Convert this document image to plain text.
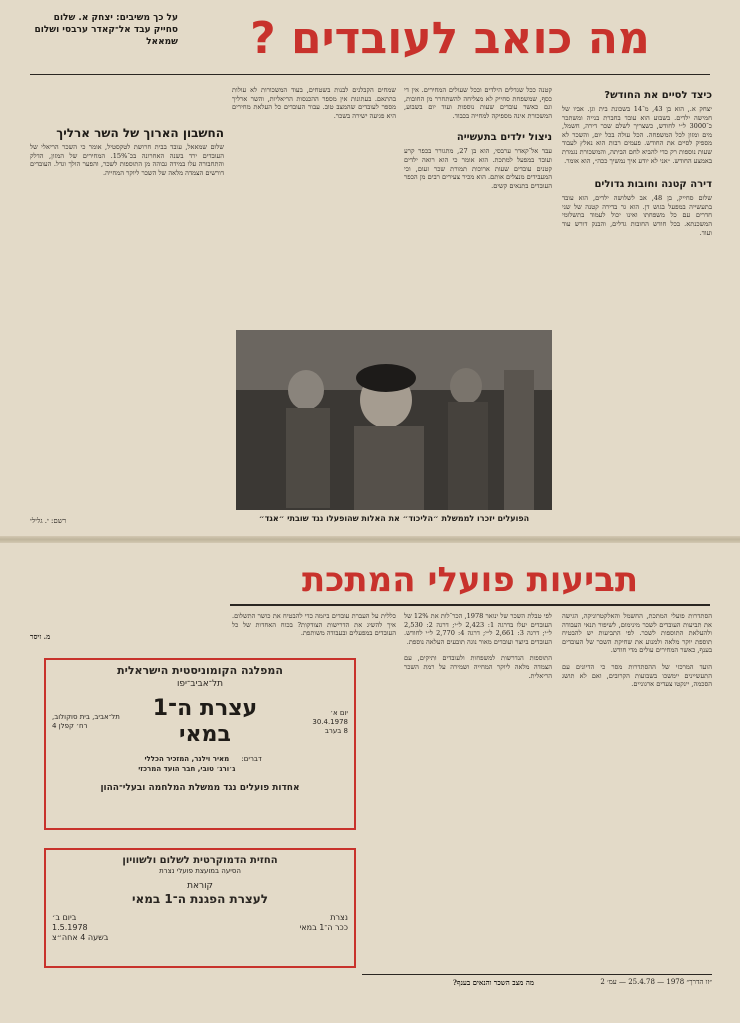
מה כואב לעובדים ?
על כך משיבים: יצחק א. שלום סחייק עבד אל־קאדר ערבסי ושלום שמאאל
כיצד לסיים את החודש?
יצחק א., הוא בן 43, מ־14 בשכונת בית וגן. אביו של חמישה ילדים. בשבוע הוא עובד בחברת בנייה ומשתכר כ־3000 ל״י לחודש, כשצריך לשלם שכר דירה, חשמל, מים ומזון לכל המשפחה. הכל עולה בכל יום, והשכר לא מספיק לסיים את החודש. פעמים רבות הוא נאלץ לעבוד שעות נוספות רק כדי להביא לחם הביתה, והמשכורת נגמרת באמצע החודש. ״אני לא יודע איך נמשיך ככה״, הוא אומר.
דירה קטנה וחובות גדולים
שלום סחייק, בן 48, אב לשלושה ילדים, הוא עובד בתעשייה במפעל בגוש דן. הוא גר בדירה קטנה של שני חדרים עם כל משפחתו ואינו יכול לעמוד בתשלומי המשכנתא. בכל חודש החובות גדלים, והבנק דורש עוד ועוד.
קטנה ככל שגדלים הילדים וככל שעולים המחירים. אין די כסף, שמשפחת סחייק לא מצליחה להשתחרר מן החובות, וגם כאשר עובדים שעות נוספות ועוד יום בשבוע, המשכורת אינה מספיקה למחייה בכבוד.
ניצול ילדים בתעשייה
עבד אל־קאדר ערבסי, הוא בן 27, מתגורר בכפר קרע ועובד במפעל למתכת. הוא אומר כי הוא רואה ילדים קטנים עובדים שעות ארוכות תמורת שכר זעום, וכי המעבידים מנצלים אותם. הוא מכיר צעירים רבים מן הכפר העובדים בתנאים קשים.
שמחים הקבלנים לבנות בשטחים, בעוד המשכורות לא עולות בהתאם. בעתונות אין מספר ההכנסות הריאליות, והשר ארליך מספר לעובדים שהמצב טוב. עבור העובדים כל העלאת מחירים היא פגיעה ישירה בשכר.
החשבון הארוך של השר ארליך
שלום שמאאל, עובד בבית חרושת לטקסטיל, אומר כי השכר הריאלי של העובדים ירד בשנה האחרונה בכ־15%. המחירים של המזון, הדלק והתחבורה עלו במידה גבוהה מן התוספות לשכר, והפער הולך וגדל. העובדים דורשים הצמדה מלאה של השכר ליוקר המחייה.
רשם: י. גלילי	הפועלים יזכרו לממשלת ״הליכוד״ את האלות שהופעלו נגד שובתי ״אגד״
תביעות פועלי המתכת
הסתדרות פועלי המתכת, החשמל והאלקטרוניקה, הגישה את תביעות העובדים לשכר מינימום, לשיפור תנאי העבודה ולהעלאת התוספות לשכר. לפי התביעות יש להבטיח תוספת יוקר מלאה ולמנוע את שחיקת השכר של העובדים בענף, כאשר המחירים עולים מדי חודש.
הועד המרכזי של ההסתדרות מסר כי הדיונים עם התעשיינים יימשכו בשבועות הקרובים, ואם לא תושג הסכמה, יינקטו צעדים ארגוניים.
לפי טבלת השכר של ינואר 1978, הכר־לות את 12% של העובדים יעלו בדרגה 1: 2,423 ל״י; דרגה 2: 2,530 ל״י; דרגה 3: 2,661 ל״י; דרגה 4: 2,770 ל״י לחודש. העובדים ביוצר ועובדים מאור נוגה תובעים העלאה נוספת.
התוספות הנדרשות למשפחות ולעובדים ותיקים, עם הצמדה מלאה ליוקר המחייה ושמירה על רמת השכר הריאלית.
כללית על העברת עובדים ביזמה כדי להבטיח את כושר התשלום. איך להשיג את הדרישות הצודקות? בכוח האחדות של כל העובדים במפעלים ובעבודה משותפת.
מ. זיסר
המפלגה הקומוניסטית הישראלית
תל־אביב־יפו
יום א׳
30.4.1978
8 בערב
עצרת ה־1 במאי
תל־אביב, בית סוקולוב, רח׳ קפלן 4
דברים:
מאיר וילנר, המזכיר הכללי
ג׳ורג׳ טובי, חבר הועד המרכזי
אחדות פועלים נגד ממשלת המלחמה ובעלי־ההון
החזית הדמוקרטית לשלום ולשוויון
הסיעה במועצת פועלי נצרת
קוראת
לעצרת הפגנת ה־1 במאי
נצרת
ככר ה־1 במאי
ביום ב׳
1.5.1978
בשעה 4 אחה״צ
״זו הדרך״ 1978 — 25.4.78 — עמ׳ 2
מה מצב השכר והנאים בענף?
